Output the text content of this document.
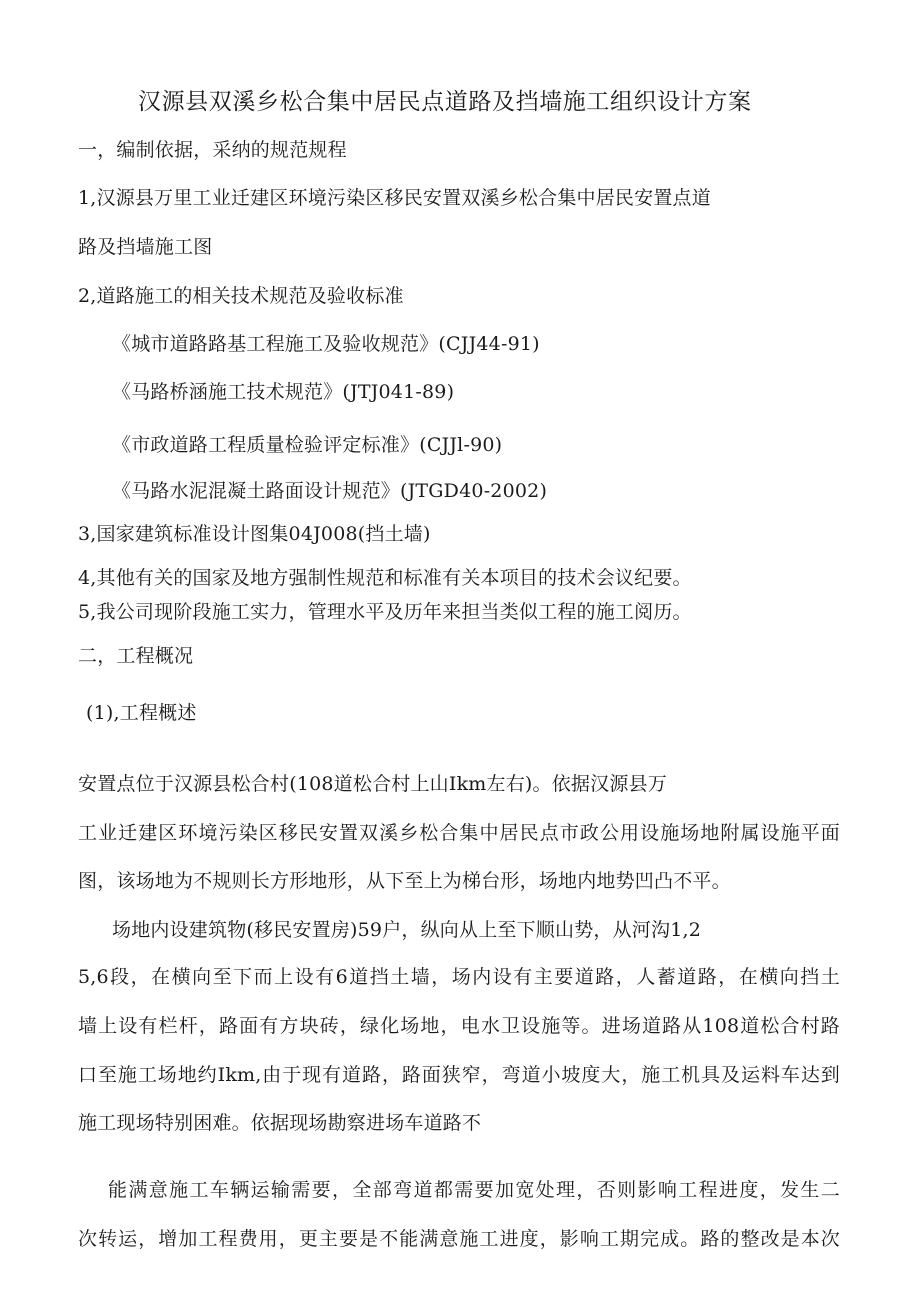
汉源县双溪乡松合集中居民点道路及挡墙施工组织设计方案
一，编制依据，采纳的规范规程
1,汉源县万里工业迁建区环境污染区移民安置双溪乡松合集中居民安置点道
路及挡墙施工图
2,道路施工的相关技术规范及验收标准
《城市道路路基工程施工及验收规范》(CJJ44-91)
《马路桥涵施工技术规范》(JTJ041-89)
《市政道路工程质量检验评定标准》(CJJl-90)
《马路水泥混凝土路面设计规范》(JTGD40-2002)
3,国家建筑标准设计图集04J008(挡土墙)
4,其他有关的国家及地方强制性规范和标准有关本项目的技术会议纪要。
5,我公司现阶段施工实力，管理水平及历年来担当类似工程的施工阅历。
二，工程概况
(1),工程概述
安置点位于汉源县松合村(108道松合村上山Ikm左右)。依据汉源县万
工业迁建区环境污染区移民安置双溪乡松合集中居民点市政公用设施场地附属设施平面
图，该场地为不规则长方形地形，从下至上为梯台形，场地内地势凹凸不平。
场地内设建筑物(移民安置房)59户，纵向从上至下顺山势，从河沟1,2
5,6段，在横向至下而上设有6道挡土墙，场内设有主要道路，人蓄道路，在横向挡土
墙上设有栏杆，路面有方块砖，绿化场地，电水卫设施等。进场道路从108道松合村路
口至施工场地约Ikm,由于现有道路，路面狭窄，弯道小坡度大，施工机具及运料车达到
施工现场特别困难。依据现场勘察进场车道路不
能满意施工车辆运输需要，全部弯道都需要加宽处理，否则影响工程进度，发生二
次转运，增加工程费用，更主要是不能满意施工进度，影响工期完成。路的整改是本次
